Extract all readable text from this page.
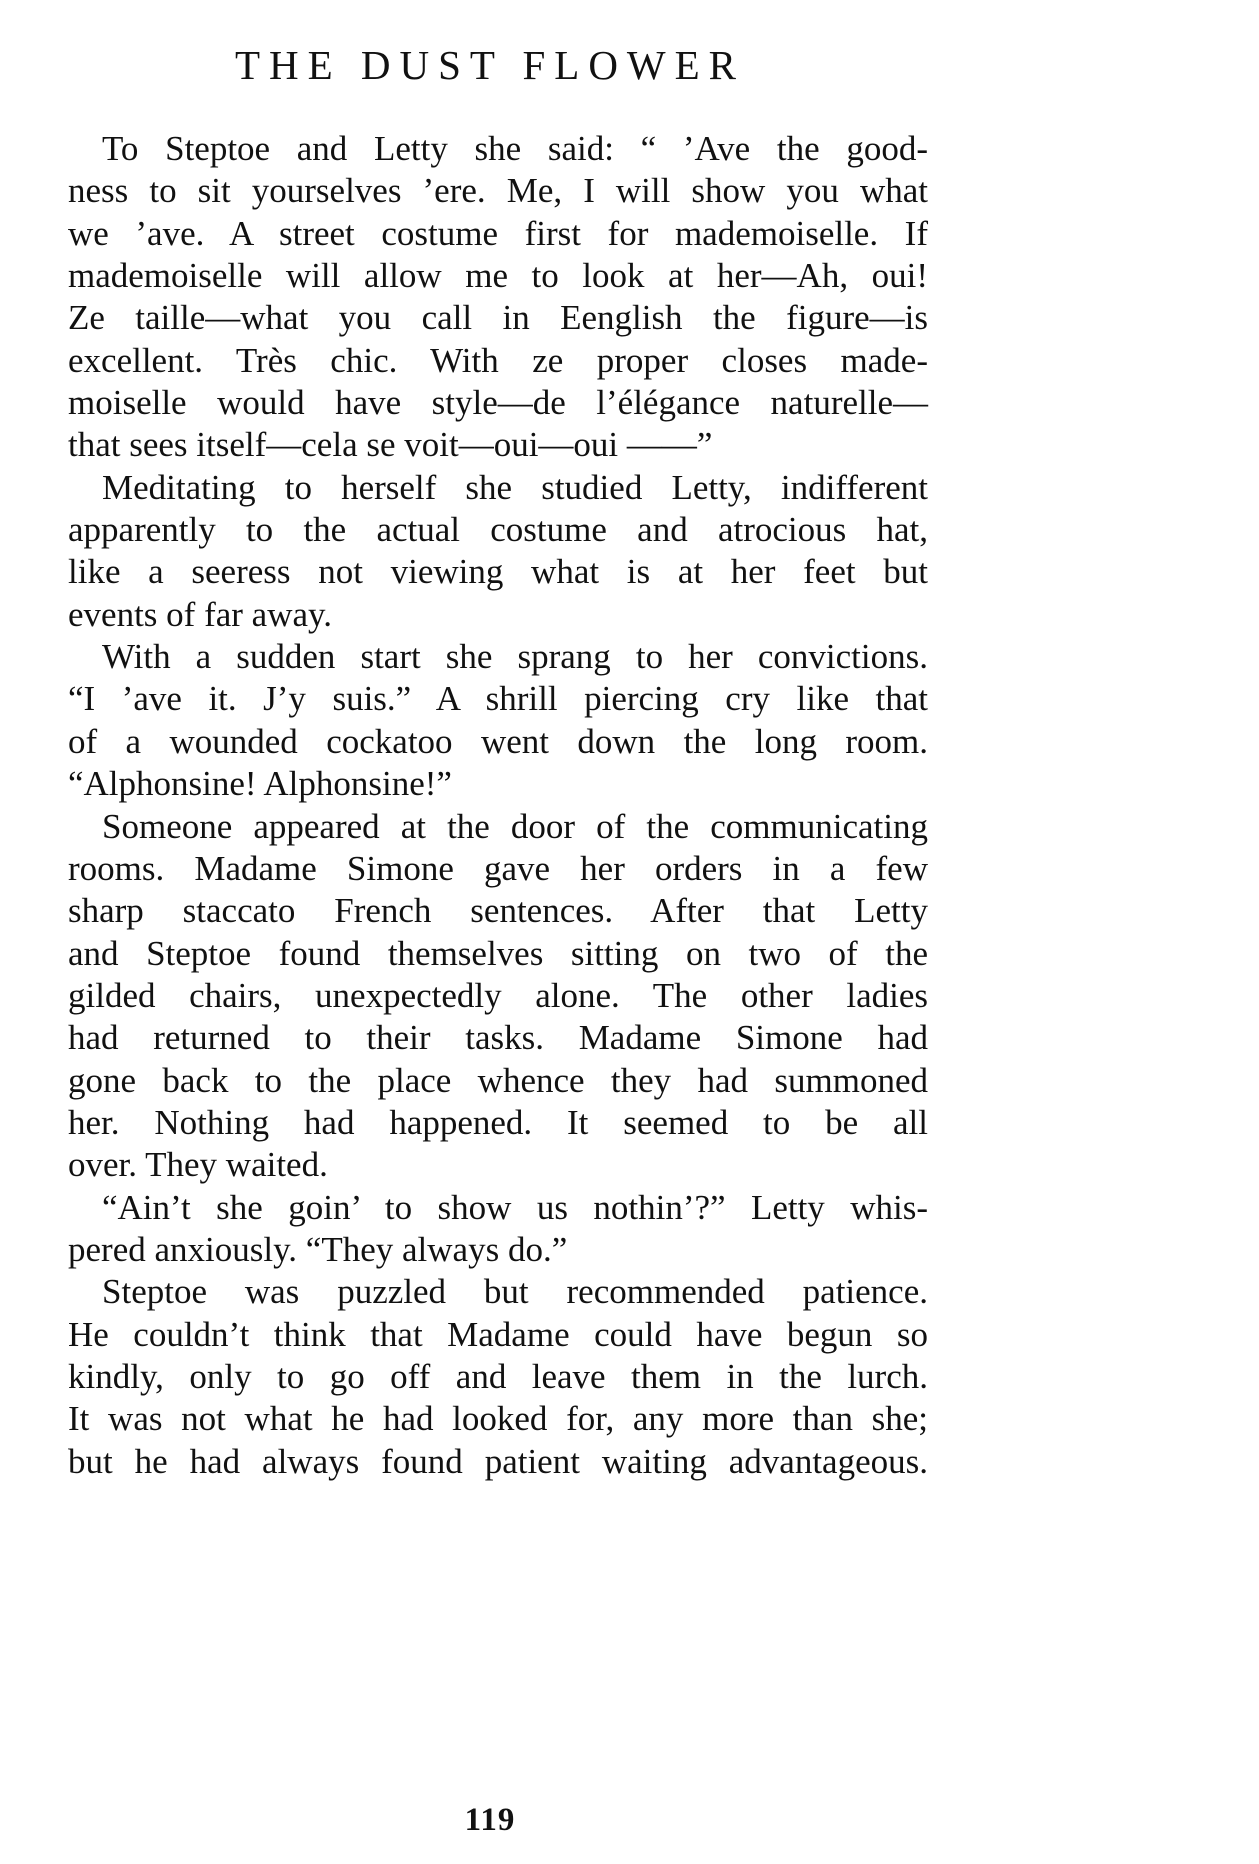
THE DUST FLOWER
To Steptoe and Letty she said: “ ’Ave the good-
ness to sit yourselves ’ere. Me, I will show you what
we ’ave. A street costume first for mademoiselle. If
mademoiselle will allow me to look at her—Ah, oui!
Ze taille—what you call in Eenglish the figure—is
excellent. Très chic. With ze proper closes made-
moiselle would have style—de l’élégance naturelle—
that sees itself—cela se voit—oui—oui ——”
Meditating to herself she studied Letty, indifferent
apparently to the actual costume and atrocious hat,
like a seeress not viewing what is at her feet but
events of far away.
With a sudden start she sprang to her convictions.
“I ’ave it. J’y suis.” A shrill piercing cry like that
of a wounded cockatoo went down the long room.
“Alphonsine! Alphonsine!”
Someone appeared at the door of the communicating
rooms. Madame Simone gave her orders in a few
sharp staccato French sentences. After that Letty
and Steptoe found themselves sitting on two of the
gilded chairs, unexpectedly alone. The other ladies
had returned to their tasks. Madame Simone had
gone back to the place whence they had summoned
her. Nothing had happened. It seemed to be all
over. They waited.
“Ain’t she goin’ to show us nothin’?” Letty whis-
pered anxiously. “They always do.”
Steptoe was puzzled but recommended patience.
He couldn’t think that Madame could have begun so
kindly, only to go off and leave them in the lurch.
It was not what he had looked for, any more than she;
but he had always found patient waiting advantageous.
119
